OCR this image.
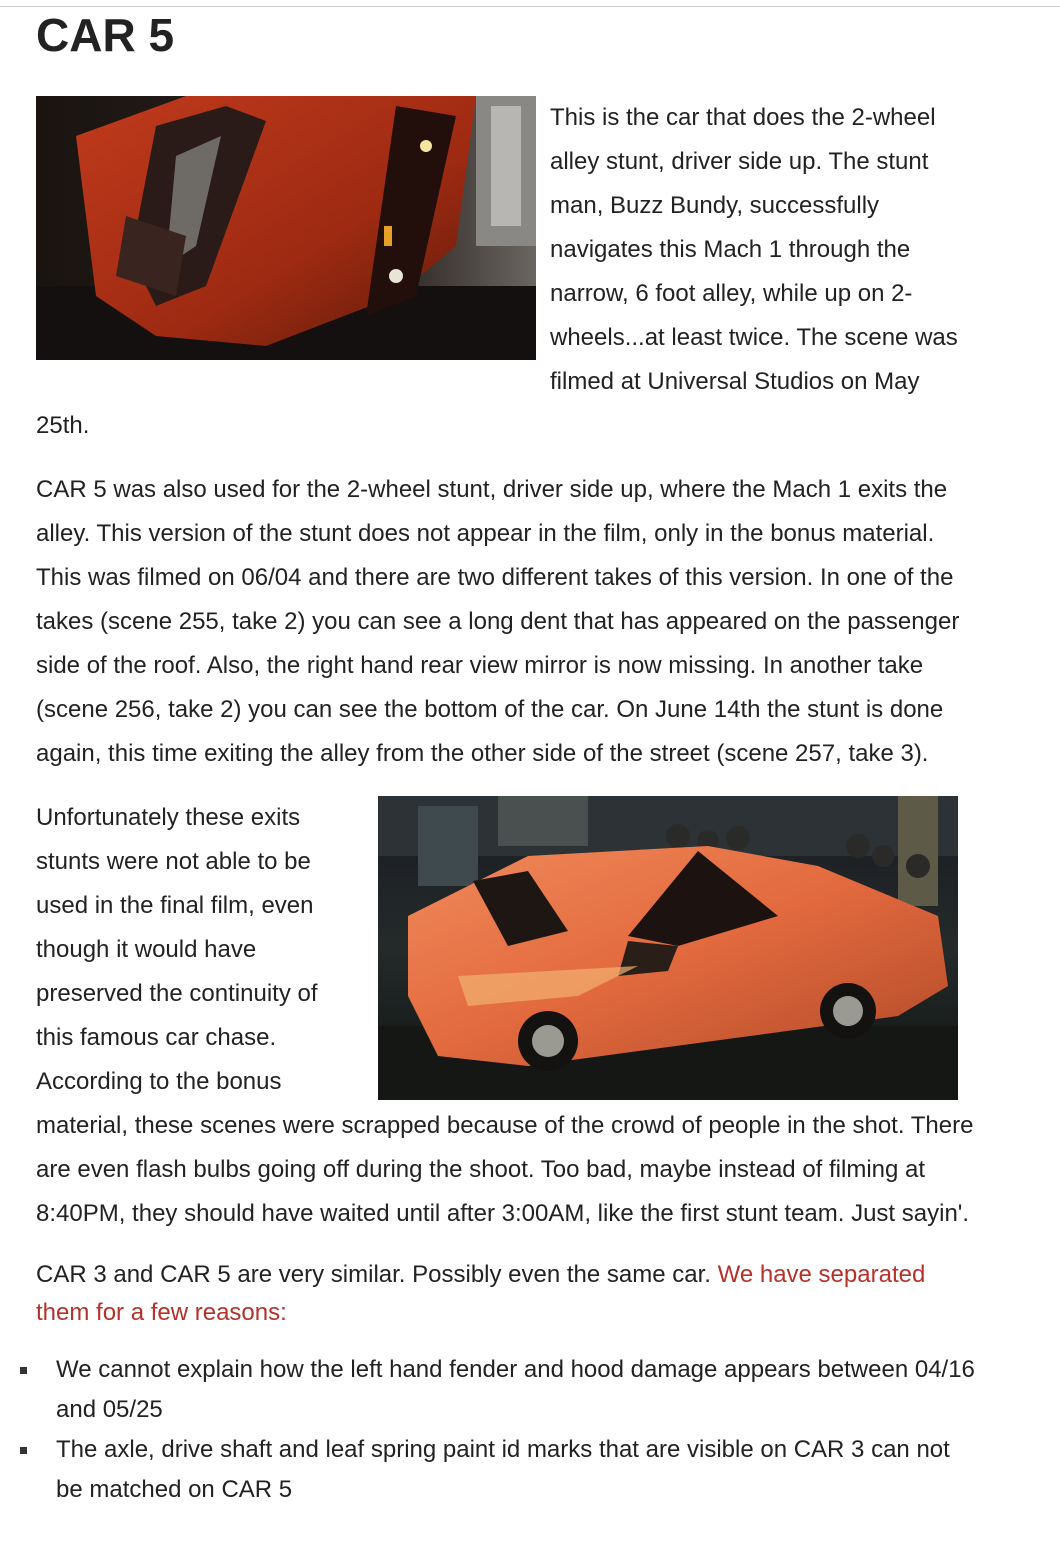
CAR 5

This is the car that does the 2-wheel alley stunt, driver side up. The stunt man, Buzz Bundy, successfully navigates this Mach 1 through the narrow, 6 foot alley, while up on 2-wheels...at least twice. The scene was filmed at Universal Studios on May 25th.

CAR 5 was also used for the 2-wheel stunt, driver side up, where the Mach 1 exits the alley. This version of the stunt does not appear in the film, only in the bonus material. This was filmed on 06/04 and there are two different takes of this version. In one of the takes (scene 255, take 2) you can see a long dent that has appeared on the passenger side of the roof. Also, the right hand rear view mirror is now missing. In another take (scene 256, take 2) you can see the bottom of the car. On June 14th the stunt is done again, this time exiting the alley from the other side of the street (scene 257, take 3).

Unfortunately these exits stunts were not able to be used in the final film, even though it would have preserved the continuity of this famous car chase. According to the bonus material, these scenes were scrapped because of the crowd of people in the shot. There are even flash bulbs going off during the shoot. Too bad, maybe instead of filming at 8:40PM, they should have waited until after 3:00AM, like the first stunt team. Just sayin'.

CAR 3 and CAR 5 are very similar. Possibly even the same car. We have separated them for a few reasons:

We cannot explain how the left hand fender and hood damage appears between 04/16 and 05/25
The axle, drive shaft and leaf spring paint id marks that are visible on CAR 3 can not be matched on CAR 5
